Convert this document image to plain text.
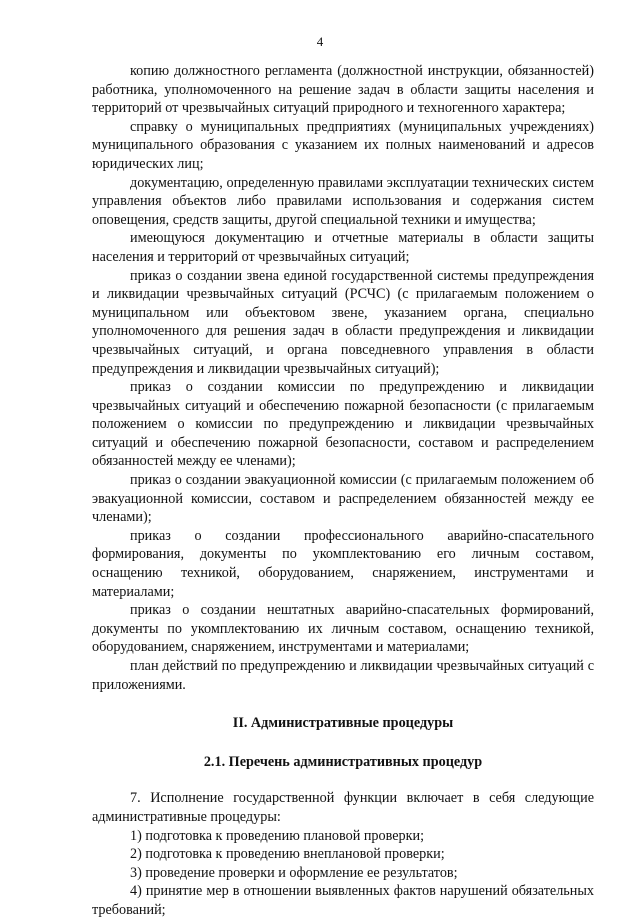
4

копию должностного регламента (должностной инструкции, обязанностей) работника, уполномоченного на решение задач в области защиты населения и территорий от чрезвычайных ситуаций природного и техногенного характера;

справку о муниципальных предприятиях (муниципальных учреждениях) муниципального образования с указанием их полных наименований и адресов юридических лиц;

документацию, определенную правилами эксплуатации технических систем управления объектов либо правилами использования и содержания систем оповещения, средств защиты, другой специальной техники и имущества;

имеющуюся документацию и отчетные материалы в области защиты населения и территорий от чрезвычайных ситуаций;

приказ о создании звена единой государственной системы предупреждения и ликвидации чрезвычайных ситуаций (РСЧС) (с прилагаемым положением о муниципальном или объектовом звене, указанием органа, специально уполномоченного для решения задач в области предупреждения и ликвидации чрезвычайных ситуаций, и органа повседневного управления в области предупреждения и ликвидации чрезвычайных ситуаций);

приказ о создании комиссии по предупреждению и ликвидации чрезвычайных ситуаций и обеспечению пожарной безопасности (с прилагаемым положением о комиссии по предупреждению и ликвидации чрезвычайных ситуаций и обеспечению пожарной безопасности, составом и распределением обязанностей между ее членами);

приказ о создании эвакуационной комиссии (с прилагаемым положением об эвакуационной комиссии, составом и распределением обязанностей между ее членами);

приказ о создании профессионального аварийно-спасательного формирования, документы по укомплектованию его личным составом, оснащению техникой, оборудованием, снаряжением, инструментами и материалами;

приказ о создании нештатных аварийно-спасательных формирований, документы по укомплектованию их личным составом, оснащению техникой, оборудованием, снаряжением, инструментами и материалами;

план действий по предупреждению и ликвидации чрезвычайных ситуаций с приложениями.

II. Административные процедуры

2.1. Перечень административных процедур

7. Исполнение государственной функции включает в себя следующие административные процедуры:

1) подготовка к проведению плановой проверки;

2) подготовка к проведению внеплановой проверки;

3) проведение проверки и оформление ее результатов;

4) принятие мер в отношении выявленных фактов нарушений обязательных требований;
